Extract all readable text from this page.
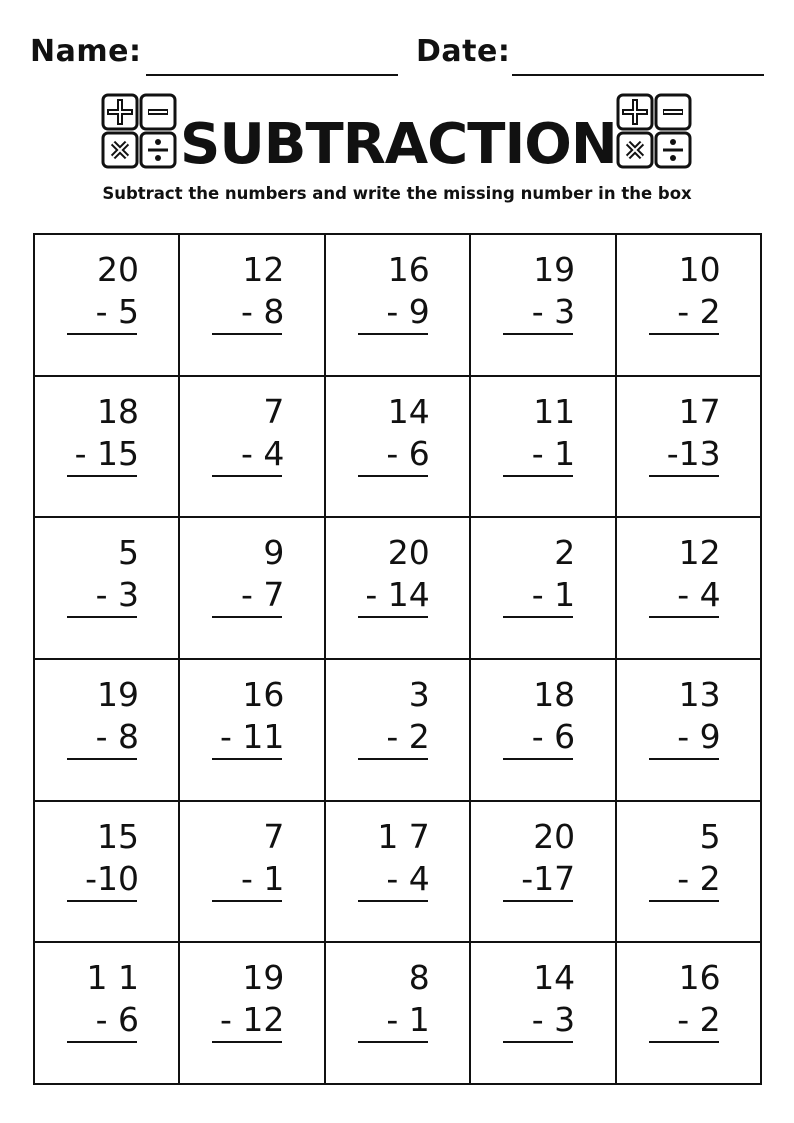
Name:	Date:
SUBTRACTION
Subtract the numbers and write the missing number in the box
20
- 5
12
- 8
16
- 9
19
- 3
10
- 2
18
- 15
7
- 4
14
- 6
11
- 1
17
-13
5
- 3
9
- 7
20
- 14
2
- 1
12
- 4
19
- 8
16
- 11
3
- 2
18
- 6
13
- 9
15
-10
7
- 1
1 7
- 4
20
-17
5
- 2
1 1
- 6
19
- 12
8
- 1
14
- 3
16
- 2
